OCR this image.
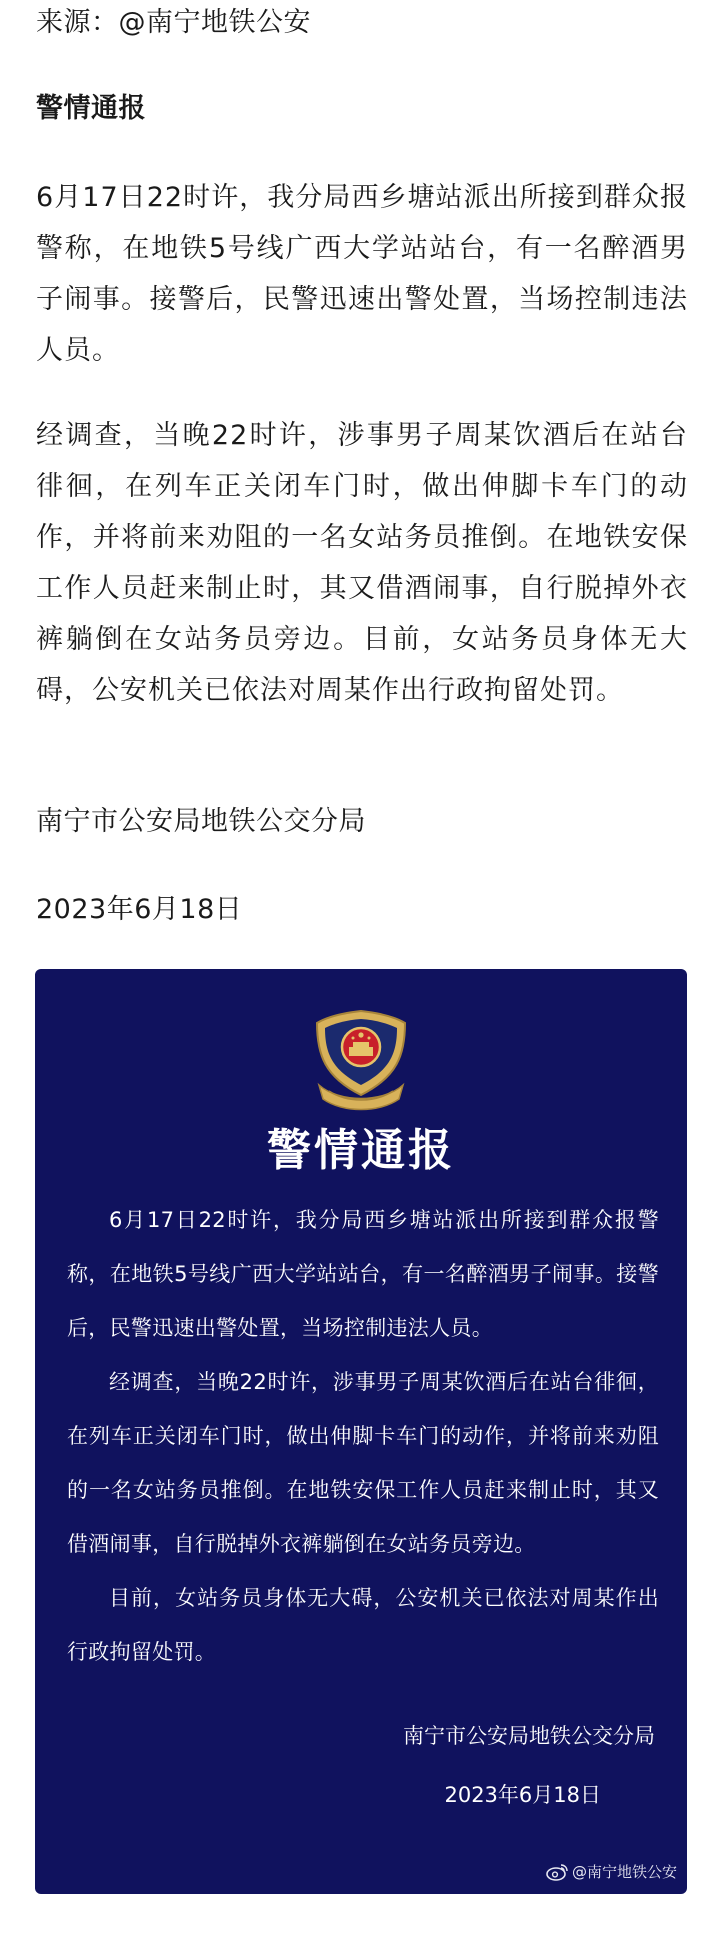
来源：@南宁地铁公安

警情通报

6月17日22时许，我分局西乡塘站派出所接到群众报警称，在地铁5号线广西大学站站台，有一名醉酒男子闹事。接警后，民警迅速出警处置，当场控制违法人员。

经调查，当晚22时许，涉事男子周某饮酒后在站台徘徊，在列车正关闭车门时，做出伸脚卡车门的动作，并将前来劝阻的一名女站务员推倒。在地铁安保工作人员赶来制止时，其又借酒闹事，自行脱掉外衣裤躺倒在女站务员旁边。目前，女站务员身体无大碍，公安机关已依法对周某作出行政拘留处罚。

南宁市公安局地铁公交分局

2023年6月18日

警情通报

6月17日22时许，我分局西乡塘站派出所接到群众报警称，在地铁5号线广西大学站站台，有一名醉酒男子闹事。接警后，民警迅速出警处置，当场控制违法人员。

经调查，当晚22时许，涉事男子周某饮酒后在站台徘徊，在列车正关闭车门时，做出伸脚卡车门的动作，并将前来劝阻的一名女站务员推倒。在地铁安保工作人员赶来制止时，其又借酒闹事，自行脱掉外衣裤躺倒在女站务员旁边。

目前，女站务员身体无大碍，公安机关已依法对周某作出行政拘留处罚。

南宁市公安局地铁公交分局
2023年6月18日
@南宁地铁公安
